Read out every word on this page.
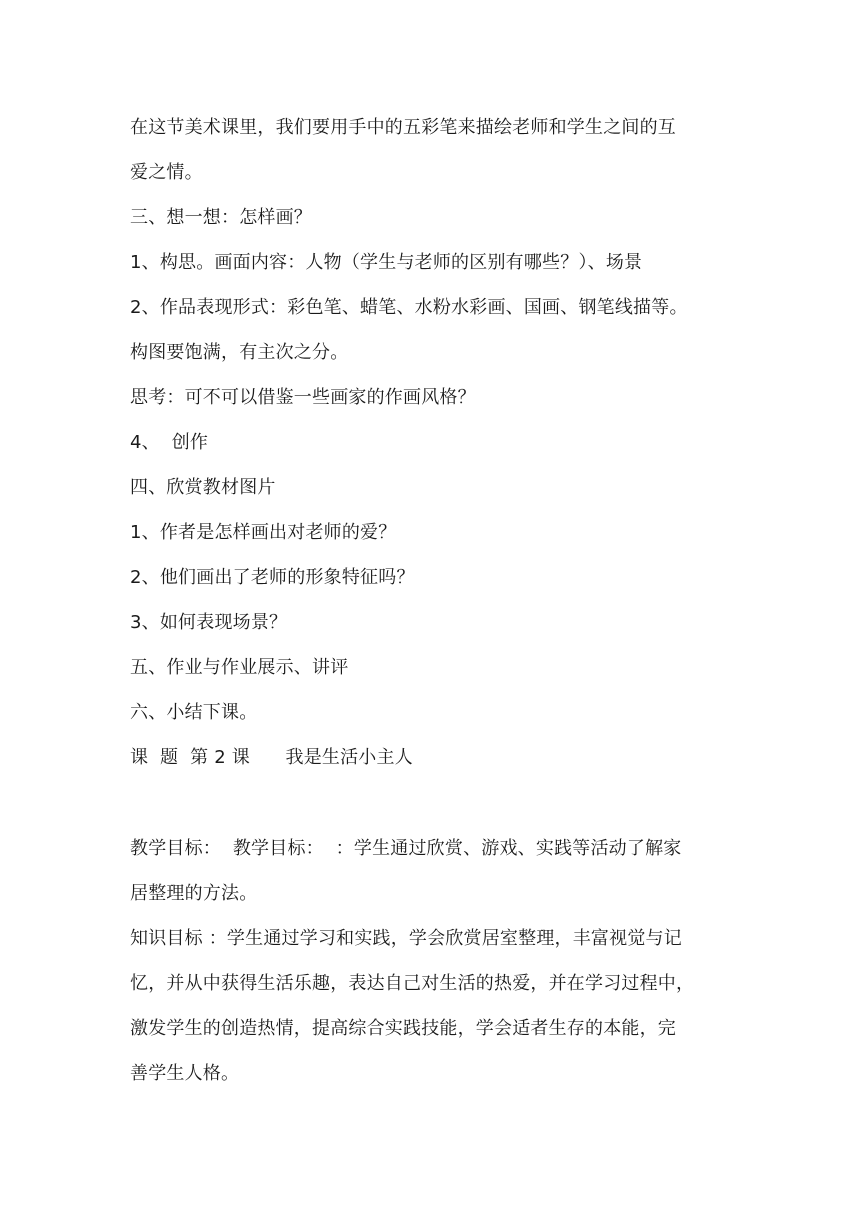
在这节美术课里，我们要用手中的五彩笔来描绘老师和学生之间的互
爱之情。
三、想一想：怎样画？
1、构思。画面内容：人物（学生与老师的区别有哪些？）、场景
2、作品表现形式：彩色笔、蜡笔、水粉水彩画、国画、钢笔线描等。
构图要饱满，有主次之分。
思考：可不可以借鉴一些画家的作画风格？
4、  创作
四、欣赏教材图片
1、作者是怎样画出对老师的爱？
2、他们画出了老师的形象特征吗？
3、如何表现场景？
五、作业与作业展示、讲评
六、小结下课。
课  题  第 2 课      我是生活小主人
教学目标：  教学目标：  ：学生通过欣赏、游戏、实践等活动了解家
居整理的方法。
知识目标 ：学生通过学习和实践，学会欣赏居室整理，丰富视觉与记
忆，并从中获得生活乐趣，表达自己对生活的热爱，并在学习过程中，
激发学生的创造热情，提高综合实践技能，学会适者生存的本能，完
善学生人格。
